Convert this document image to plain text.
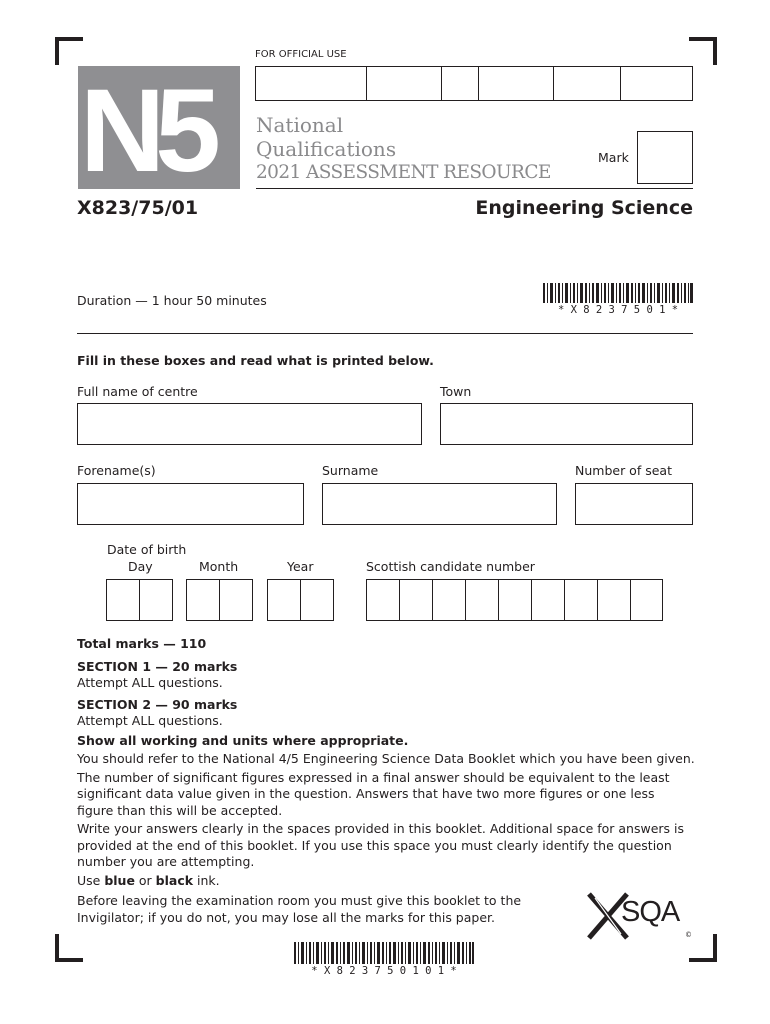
FOR OFFICIAL USE
N5 National
Qualifications
2021 ASSESSMENT RESOURCE
Mark
X823/75/01	Engineering Science
Duration — 1 hour 50 minutes
* X 8 2 3 7 5 0 1 *
Fill in these boxes and read what is printed below.
Full name of centre	Town
Forename(s)	Surname	Number of seat
Date of birth
Day	Month	Year	Scottish candidate number
Total marks — 110
SECTION 1 — 20 marks
Attempt ALL questions.
SECTION 2 — 90 marks
Attempt ALL questions.
Show all working and units where appropriate.
You should refer to the National 4/5 Engineering Science Data Booklet which you have been given.
The number of significant figures expressed in a final answer should be equivalent to the least
significant data value given in the question. Answers that have two more figures or one less
figure than this will be accepted.
Write your answers clearly in the spaces provided in this booklet. Additional space for answers is
provided at the end of this booklet. If you use this space you must clearly identify the question
number you are attempting.
Use blue or black ink.
Before leaving the examination room you must give this booklet to the
Invigilator; if you do not, you may lose all the marks for this paper.	SQA
©
* X 8 2 3 7 5 0 1 0 1 *
